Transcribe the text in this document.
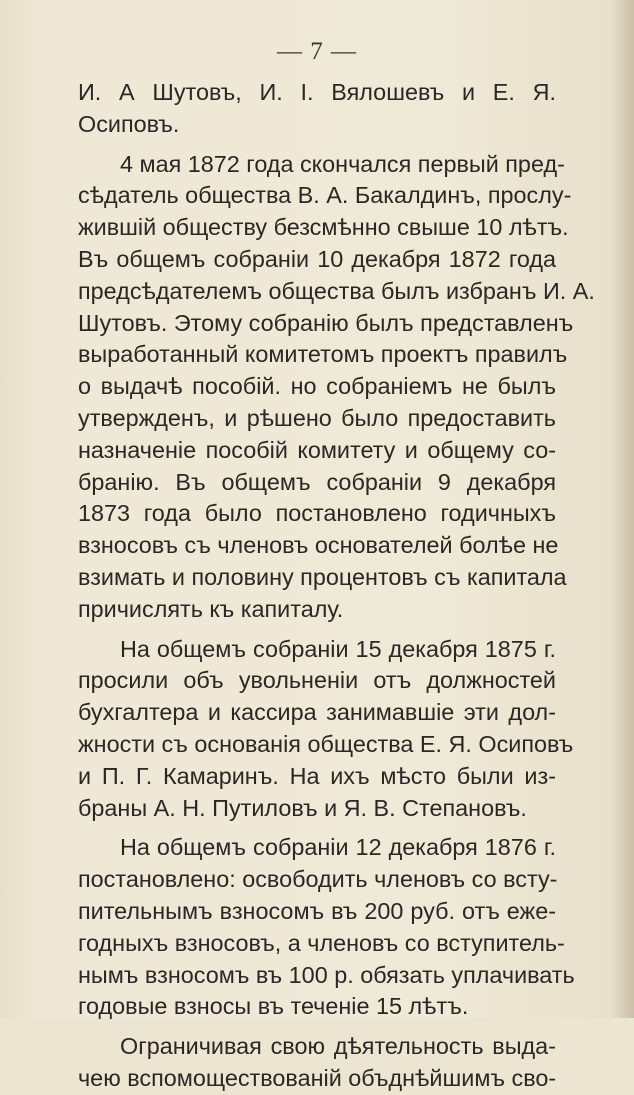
— 7 —
И. А Шутовъ, И. І. Вялошевъ и Е. Я.
Осиповъ.
4 мая 1872 года скончался первый пред-
сѣдатель общества В. А. Бакалдинъ, прослу-
жившій обществу безсмѣнно свыше 10 лѣтъ.
Въ общемъ собраніи 10 декабря 1872 года
предсѣдателемъ общества былъ избранъ И. А.
Шутовъ. Этому собранію былъ представленъ
выработанный комитетомъ проектъ правилъ
о выдачѣ пособій. но собраніемъ не былъ
утвержденъ, и рѣшено было предоставить
назначеніе пособій комитету и общему со-
бранію. Въ общемъ собраніи 9 декабря
1873 года было постановлено годичныхъ
взносовъ съ членовъ основателей болѣе не
взимать и половину процентовъ съ капитала
причислять къ капиталу.
На общемъ собраніи 15 декабря 1875 г.
просили объ увольненіи отъ должностей
бухгалтера и кассира занимавшіе эти дол-
жности съ основанія общества Е. Я. Осиповъ
и П. Г. Камаринъ. На ихъ мѣсто были из-
браны А. Н. Путиловъ и Я. В. Степановъ.
На общемъ собраніи 12 декабря 1876 г.
постановлено: освободить членовъ со всту-
пительнымъ взносомъ въ 200 руб. отъ еже-
годныхъ взносовъ, а членовъ со вступитель-
нымъ взносомъ въ 100 р. обязать уплачивать
годовые взносы въ теченіе 15 лѣтъ.
Ограничивая свою дѣятельность выда-
чею вспомоществованій объднѣйшимъ сво-
